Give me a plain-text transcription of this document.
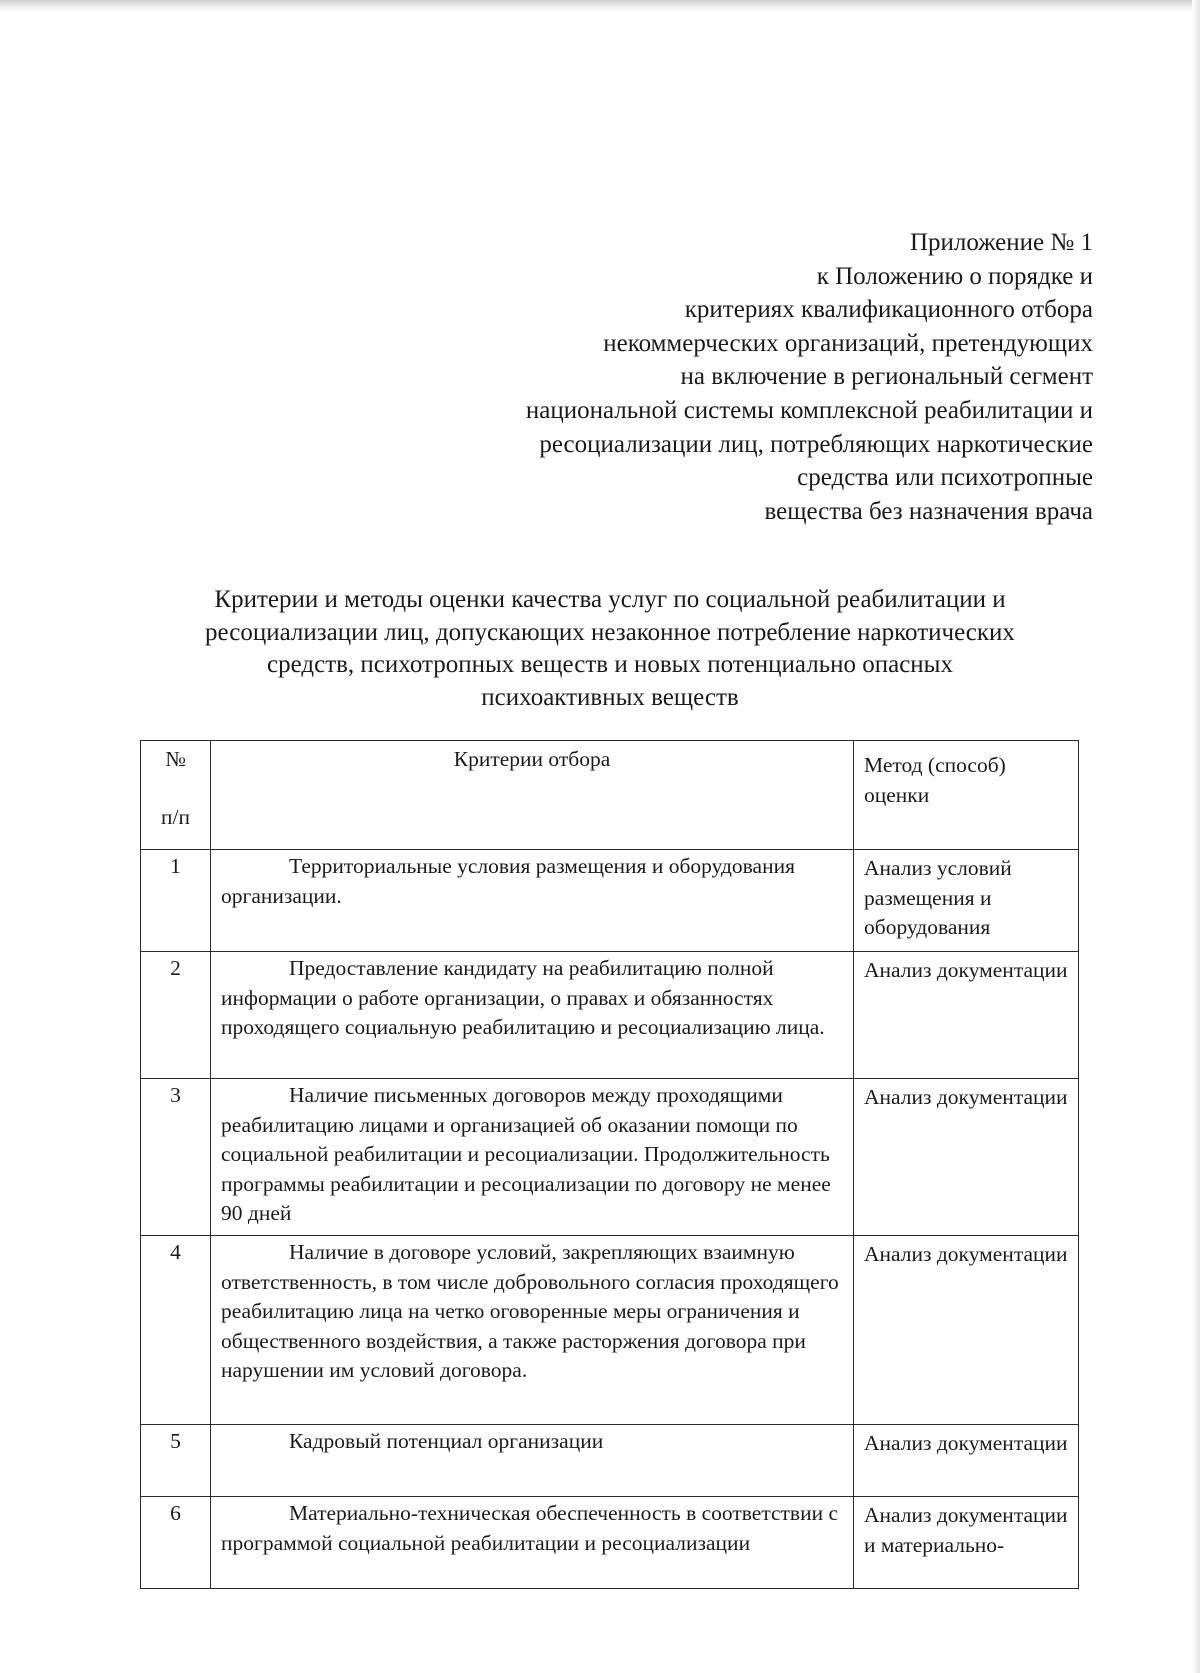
Приложение № 1
к Положению о порядке и
критериях квалификационного отбора
некоммерческих организаций, претендующих
на включение в региональный сегмент
национальной системы комплексной реабилитации и
ресоциализации лиц, потребляющих наркотические
средства или психотропные
вещества без назначения врача
Критерии и методы оценки качества услуг по социальной реабилитации и
ресоциализации лиц, допускающих незаконное потребление наркотических
средств, психотропных веществ и новых потенциально опасных
психоактивных веществ
№
п/п	Критерии отбора	Метод (способ) оценки
1	Территориальные условия размещения и оборудования организации.	Анализ условий размещения и оборудования
2	Предоставление кандидату на реабилитацию полной информации о работе организации, о правах и обязанностях проходящего социальную реабилитацию и ресоциализацию лица.	Анализ документации
3	Наличие письменных договоров между проходящими реабилитацию лицами и организацией об оказании помощи по социальной реабилитации и ресоциализации. Продолжительность программы реабилитации и ресоциализации по договору не менее 90 дней	Анализ документации
4	Наличие в договоре условий, закрепляющих взаимную ответственность, в том числе добровольного согласия проходящего реабилитацию лица на четко оговоренные меры ограничения и общественного воздействия, а также расторжения договора при нарушении им условий договора.	Анализ документации
5	Кадровый потенциал организации	Анализ документации
6	Материально-техническая обеспеченность в соответствии с программой социальной реабилитации и ресоциализации	Анализ документации и материально-
